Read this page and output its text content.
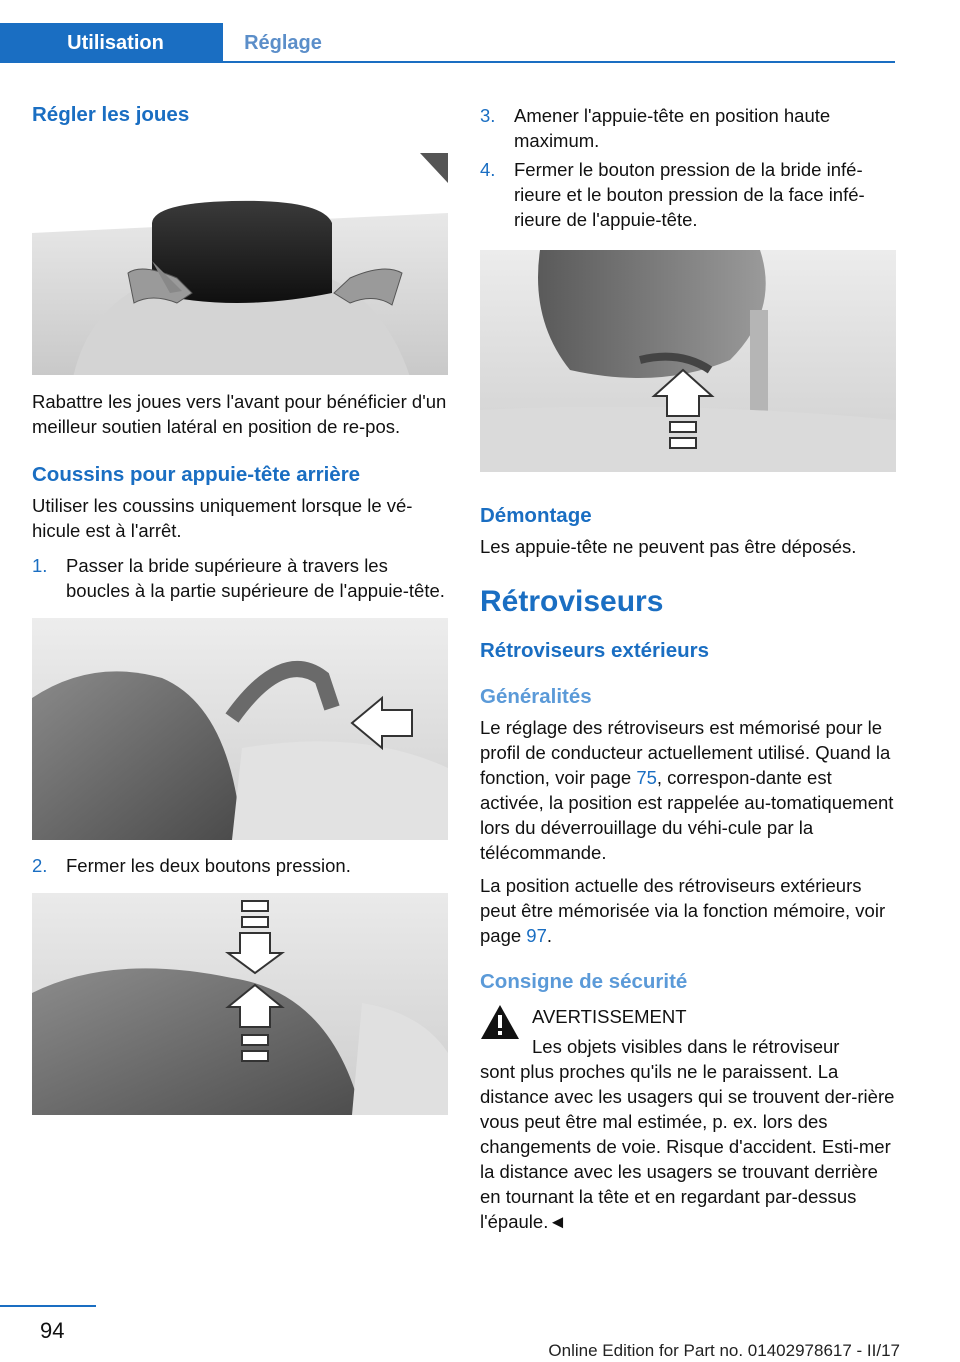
Utilisation	Réglage
Régler les joues

Rabattre les joues vers l'avant pour bénéficier d'un meilleur soutien latéral en position de re-pos.

Coussins pour appuie-tête arrière

Utiliser les coussins uniquement lorsque le vé-hicule est à l'arrêt.

1. Passer la bride supérieure à travers les boucles à la partie supérieure de l'appuie-tête.
2. Fermer les deux boutons pression.
3. Amener l'appuie-tête en position haute maximum.
4. Fermer le bouton pression de la bride infé-rieure et le bouton pression de la face infé-rieure de l'appuie-tête.
Démontage

Les appuie-tête ne peuvent pas être déposés.

Rétroviseurs
Rétroviseurs extérieurs
Généralités

Le réglage des rétroviseurs est mémorisé pour le profil de conducteur actuellement utilisé. Quand la fonction, voir page 75, correspon-dante est activée, la position est rappelée au-tomatiquement lors du déverrouillage du véhi-cule par la télécommande.

La position actuelle des rétroviseurs extérieurs peut être mémorisée via la fonction mémoire, voir page 97.

Consigne de sécurité
AVERTISSEMENT
Les objets visibles dans le rétroviseur

sont plus proches qu'ils ne le paraissent. La distance avec les usagers qui se trouvent der-rière vous peut être mal estimée, p. ex. lors des changements de voie. Risque d'accident. Esti-mer la distance avec les usagers se trouvant derrière en tournant la tête et en regardant par-dessus l'épaule.◄

94
Online Edition for Part no. 01402978617 - II/17
